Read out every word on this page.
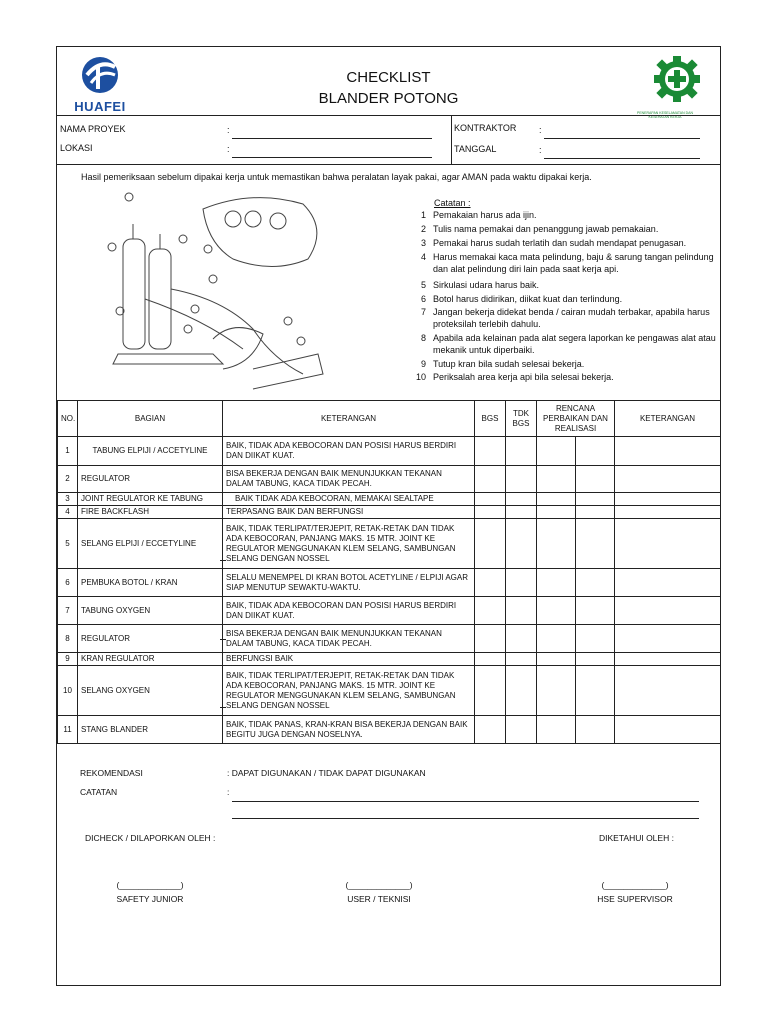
HUAFEI
CHECKLIST
BLANDER POTONG
PENERAPAN KESELAMATAN DAN KESEHATAN KERJA
NAMA PROYEK	:
LOKASI	:
KONTRAKTOR	:
TANGGAL	:
Hasil pemeriksaan sebelum dipakai kerja untuk memastikan bahwa peralatan layak pakai, agar AMAN pada waktu dipakai kerja.
Catatan :
1 Pemakaian harus ada ijin.
2 Tulis nama pemakai dan penanggung jawab pemakaian.
3 Pemakai harus sudah terlatih dan sudah mendapat penugasan.
4 Harus memakai kaca mata pelindung, baju & sarung tangan pelindung dan alat pelindung diri lain pada saat kerja api.
5 Sirkulasi udara harus baik.
6 Botol harus didirikan, diikat kuat dan terlindung.
7 Jangan bekerja didekat benda / cairan mudah terbakar, apabila harus proteksilah terlebih dahulu.
8 Apabila ada kelainan pada alat segera laporkan ke pengawas alat atau mekanik untuk diperbaiki.
9 Tutup kran bila sudah selesai bekerja.
10 Periksalah area kerja api bila selesai bekerja.
NO.	BAGIAN	KETERANGAN	BGS	TDK BGS	RENCANA PERBAIKAN DAN REALISASI		KETERANGAN
1	TABUNG ELPIJI / ACCETYLINE	BAIK, TIDAK ADA KEBOCORAN DAN POSISI HARUS BERDIRI DAN DIIKAT KUAT.					
2	REGULATOR	BISA BEKERJA DENGAN BAIK MENUNJUKKAN TEKANAN DALAM TABUNG, KACA TIDAK PECAH.					
3	JOINT REGULATOR KE TABUNG	BAIK TIDAK ADA KEBOCORAN, MEMAKAI SEALTAPE					
4	FIRE BACKFLASH	TERPASANG BAIK DAN BERFUNGSI					
5	SELANG ELPIJI / ECCETYLINE	BAIK, TIDAK TERLIPAT/TERJEPIT, RETAK-RETAK DAN TIDAK ADA KEBOCORAN, PANJANG MAKS. 15 MTR. JOINT KE REGULATOR MENGGUNAKAN KLEM SELANG, SAMBUNGAN SELANG DENGAN NOSSEL

6	PEMBUKA BOTOL / KRAN	SELALU MENEMPEL DI KRAN BOTOL ACETYLINE / ELPIJI AGAR SIAP MENUTUP SEWAKTU-WAKTU.					
7	TABUNG OXYGEN	BAIK, TIDAK ADA KEBOCORAN DAN POSISI HARUS BERDIRI DAN DIIKAT KUAT.					
8	REGULATOR	BISA BEKERJA DENGAN BAIK MENUNJUKKAN TEKANAN DALAM TABUNG, KACA TIDAK PECAH.

9	KRAN REGULATOR	BERFUNGSI BAIK					
10	SELANG OXYGEN	BAIK, TIDAK TERLIPAT/TERJEPIT, RETAK-RETAK DAN TIDAK ADA KEBOCORAN, PANJANG MAKS. 15 MTR. JOINT KE REGULATOR MENGGUNAKAN KLEM SELANG, SAMBUNGAN SELANG DENGAN NOSSEL

11	STANG BLANDER	BAIK, TIDAK PANAS, KRAN-KRAN BISA BEKERJA DENGAN BAIK BEGITU JUGA DENGAN NOSELNYA.					
REKOMENDASI	: DAPAT DIGUNAKAN / TIDAK DAPAT DIGUNAKAN
CATATAN	:
DICHECK / DILAPORKAN OLEH :	DIKETAHUI OLEH :
(_____________)
SAFETY JUNIOR
(_____________)
USER / TEKNISI
(_____________)
HSE SUPERVISOR
